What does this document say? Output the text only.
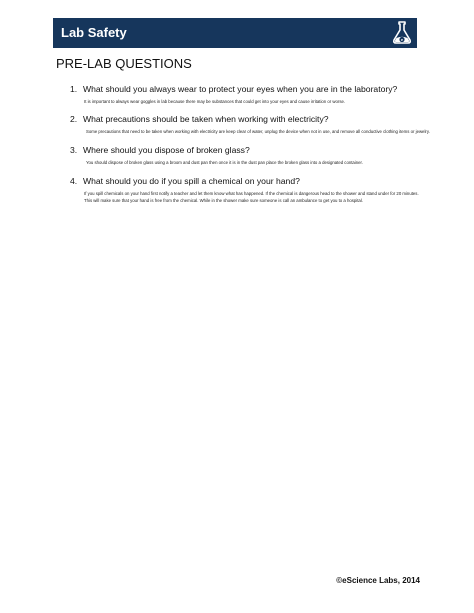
Lab Safety	e
PRE-LAB QUESTIONS
1. What should you always wear to protect your eyes when you are in the laboratory?
It is important to always wear goggles in lab because there may be substances that could get into your eyes and cause irritation or worse.
2. What precautions should be taken when working with electricity?
Some precautions that need to be taken when working with electricity are keep clear of water, unplug the device when not in use, and remove all conductive clothing items or jewelry.
3. Where should you dispose of broken glass?
You should dispose of broken glass using a broom and dust pan then once it is in the dust pan place the broken glass into a designated container.
4. What should you do if you spill a chemical on your hand?
If you spill chemicals on your hand first notify a teacher and let them know what has happened. If the chemical is dangerous head to the shower and stand under for 20 minutes.
This will make sure that your hand is free from the chemical. While in the shower make sure someone is call an ambulance to get you to a hospital.
©eScience Labs, 2014
